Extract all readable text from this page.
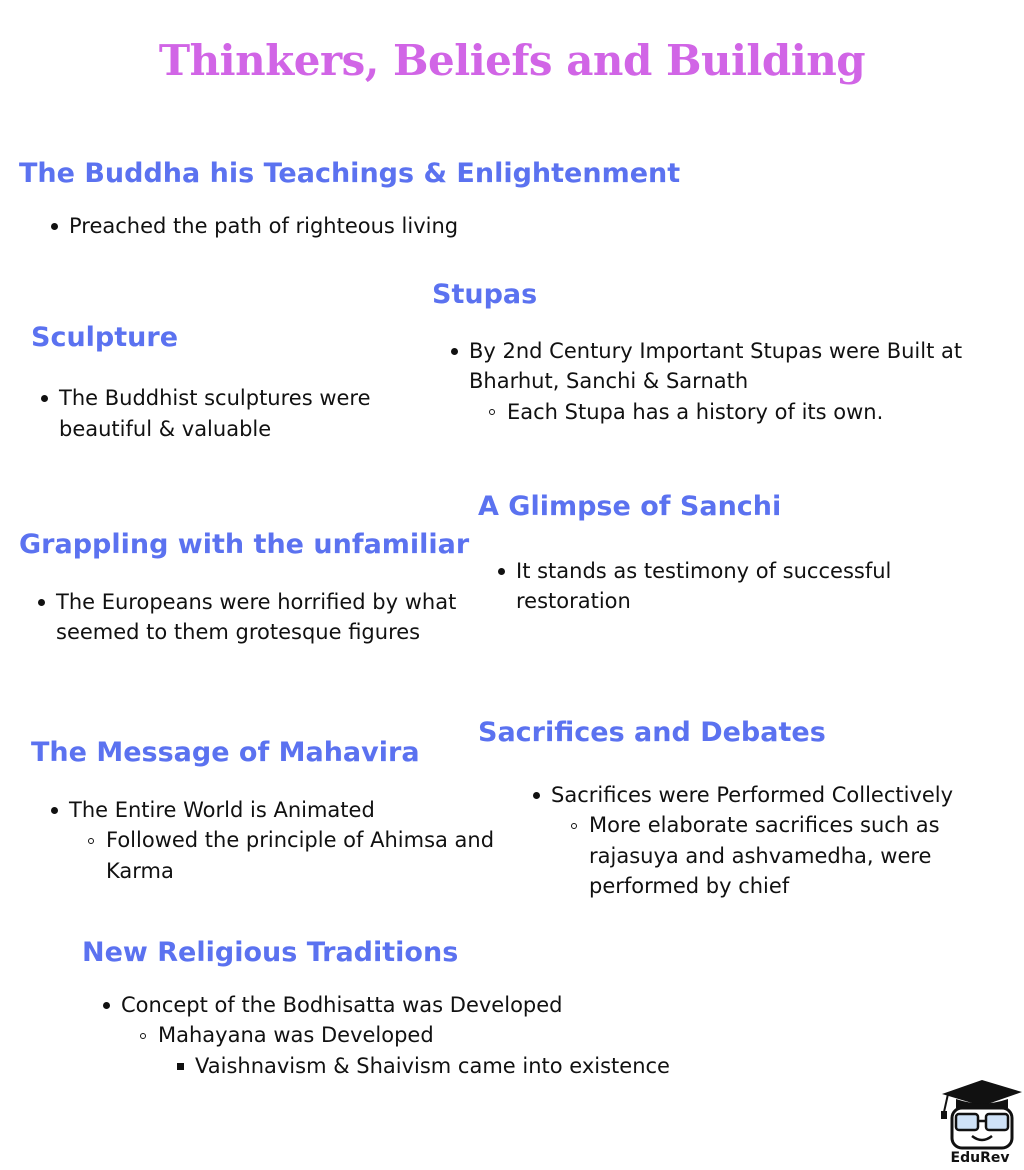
Thinkers, Beliefs and Building
The Buddha his Teachings & Enlightenment
Preached the path of righteous living
Stupas
By 2nd Century Important Stupas were Built at
Bharhut, Sanchi & Sarnath
Each Stupa has a history of its own.
Sculpture
The Buddhist sculptures were
beautiful & valuable
A Glimpse of Sanchi
It stands as testimony of successful
restoration
Grappling with the unfamiliar
The Europeans were horrified by what
seemed to them grotesque figures
Sacrifices and Debates
Sacrifices were Performed Collectively
More elaborate sacrifices such as
rajasuya and ashvamedha, were
performed by chief
The Message of Mahavira
The Entire World is Animated
Followed the principle of Ahimsa and
Karma
New Religious Traditions
Concept of the Bodhisatta was Developed
Mahayana was Developed
Vaishnavism & Shaivism came into existence
EduRev
